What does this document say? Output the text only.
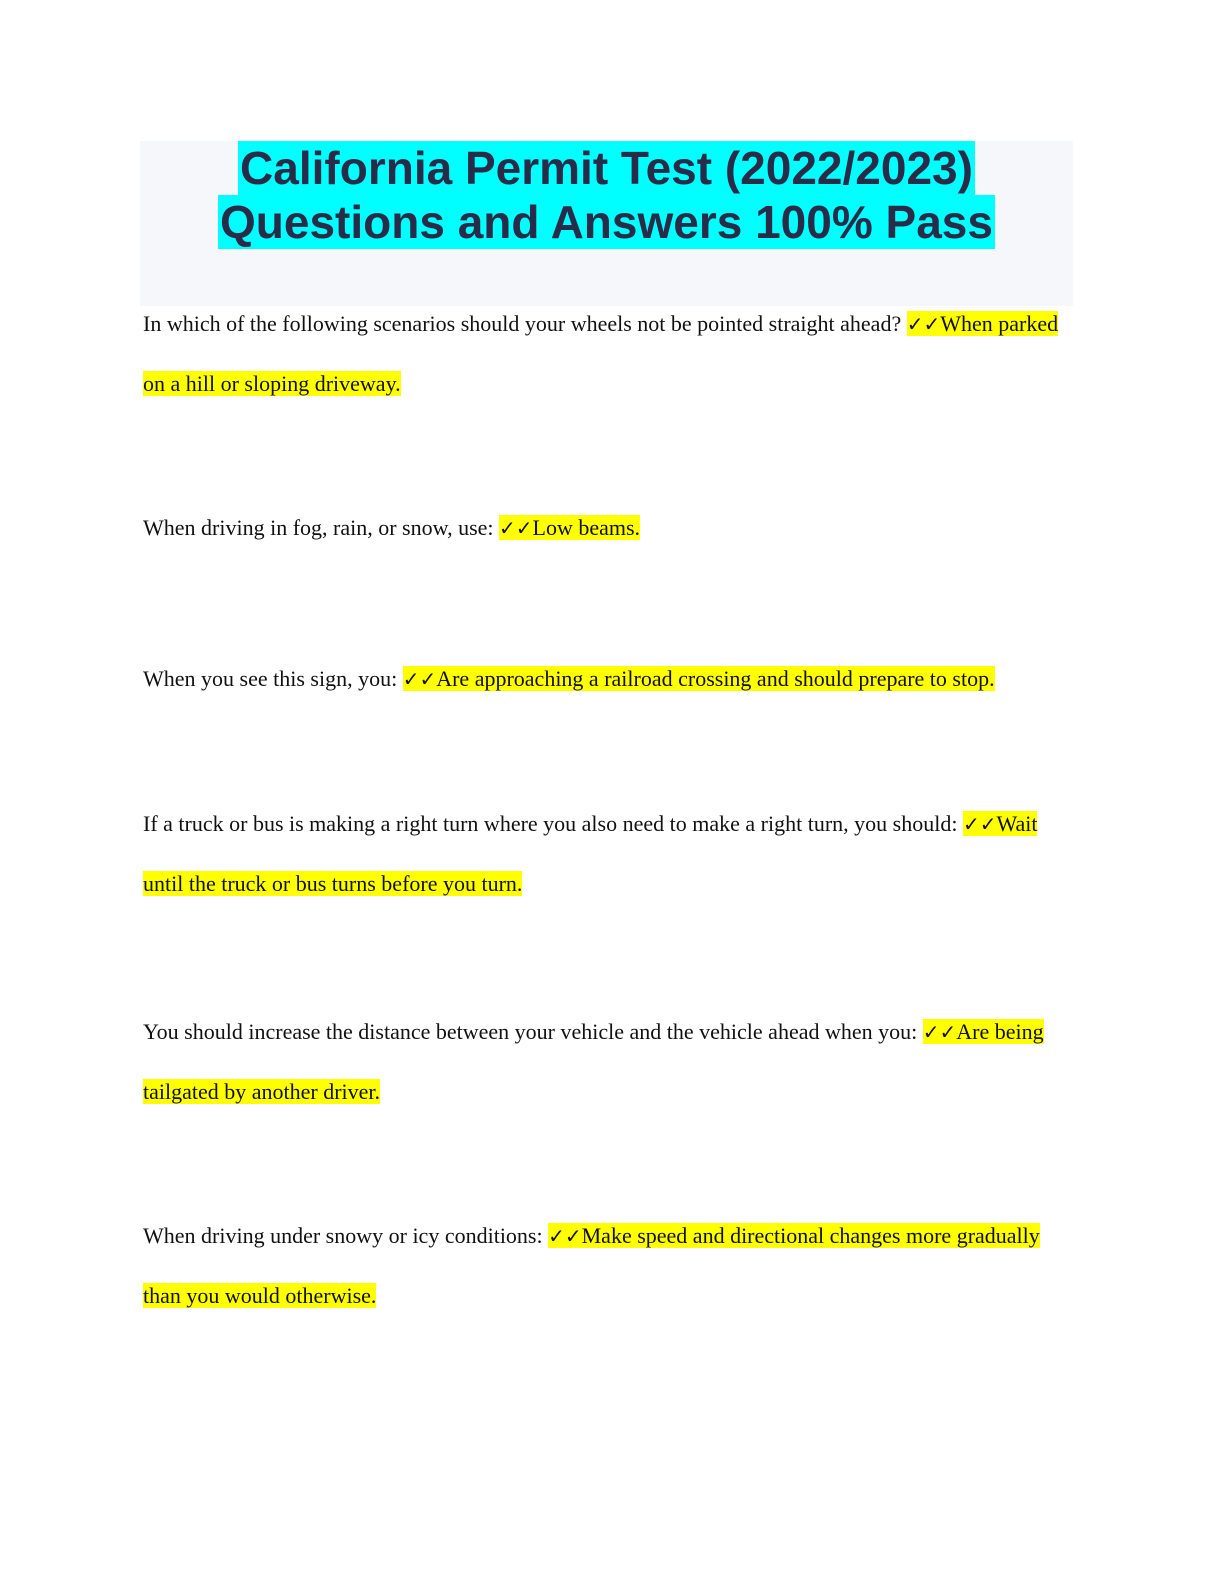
California Permit Test (2022/2023)
Questions and Answers 100% Pass

In which of the following scenarios should your wheels not be pointed straight ahead? ✓✓When parked on a hill or sloping driveway.

When driving in fog, rain, or snow, use: ✓✓Low beams.

When you see this sign, you: ✓✓Are approaching a railroad crossing and should prepare to stop.

If a truck or bus is making a right turn where you also need to make a right turn, you should: ✓✓Wait until the truck or bus turns before you turn.

You should increase the distance between your vehicle and the vehicle ahead when you: ✓✓Are being tailgated by another driver.

When driving under snowy or icy conditions: ✓✓Make speed and directional changes more gradually than you would otherwise.
